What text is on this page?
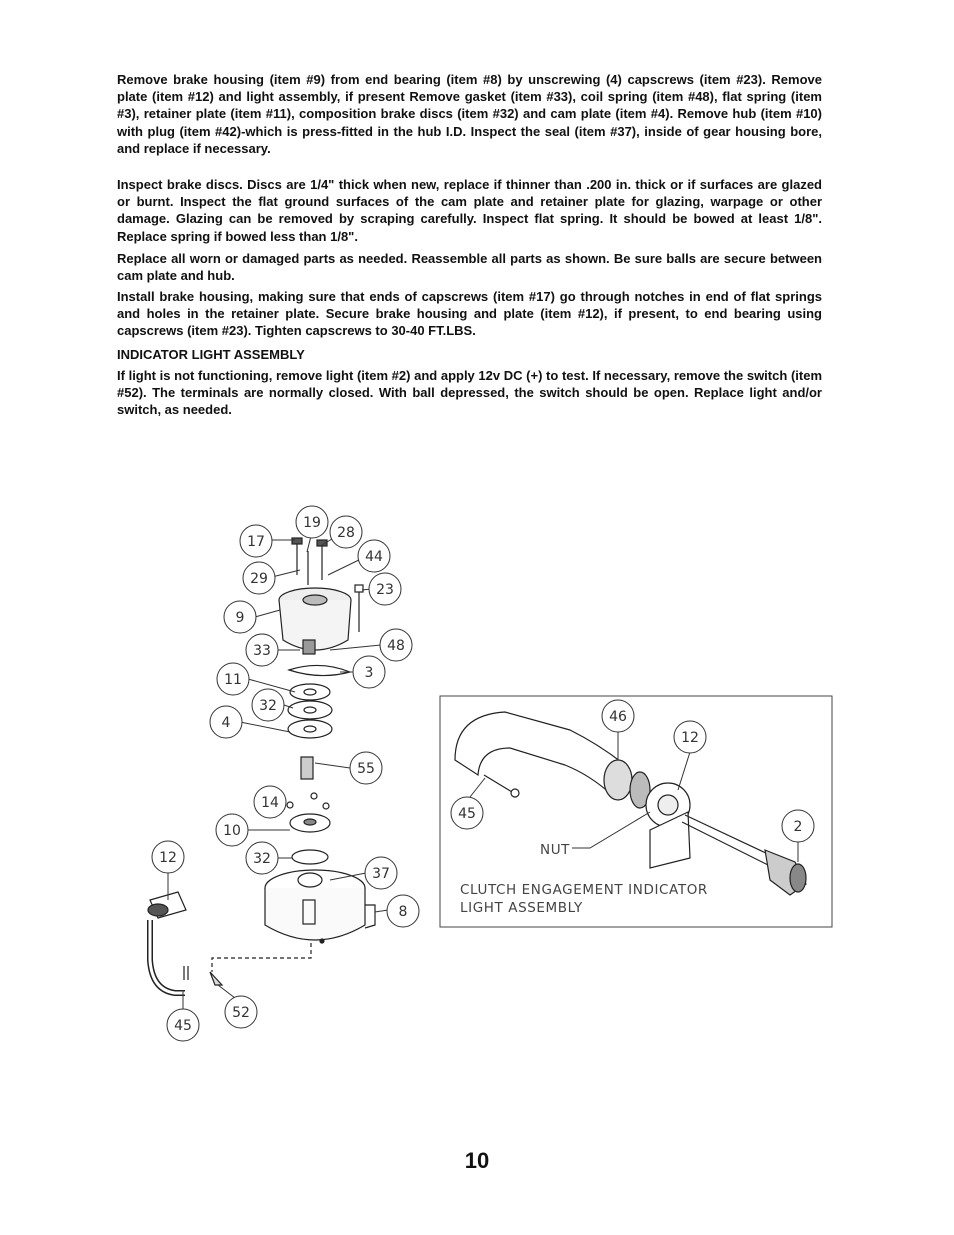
Remove brake housing (item #9) from end bearing (item #8) by unscrewing (4) capscrews (item #23). Remove plate (item #12) and light assembly, if present Remove gasket (item #33), coil spring (item #48), flat spring (item #3), retainer plate (item #11), composition brake discs (item #32) and cam plate (item #4). Remove hub (item #10) with plug (item #42)-which is press-fitted in the hub I.D. Inspect the seal (item #37), inside of gear housing bore, and replace if necessary.

Inspect brake discs. Discs are 1/4" thick when new, replace if thinner than .200 in. thick or if surfaces are glazed or burnt. Inspect the flat ground surfaces of the cam plate and retainer plate for glazing, warpage or other damage. Glazing can be removed by scraping carefully. Inspect flat spring. It should be bowed at least 1/8". Replace spring if bowed less than 1/8".

Replace all worn or damaged parts as needed. Reassemble all parts as shown. Be sure balls are secure between cam plate and hub.

Install brake housing, making sure that ends of capscrews (item #17) go through notches in end of flat springs and holes in the retainer plate. Secure brake housing and plate (item #12), if present, to end bearing using capscrews (item #23). Tighten capscrews to 30-40 FT.LBS.

INDICATOR LIGHT ASSEMBLY

If light is not functioning, remove light (item #2) and apply 12v DC (+) to test. If necessary, remove the switch (item #52). The terminals are normally closed. With ball depressed, the switch should be open. Replace light and/or switch, as needed.

17
19
28
44
29
23
9
33	48
3
11
32
4
55
14
10
32
37
8
12
45
52
46
12
45
2
NUT
CLUTCH ENGAGEMENT INDICATOR
LIGHT ASSEMBLY
10
